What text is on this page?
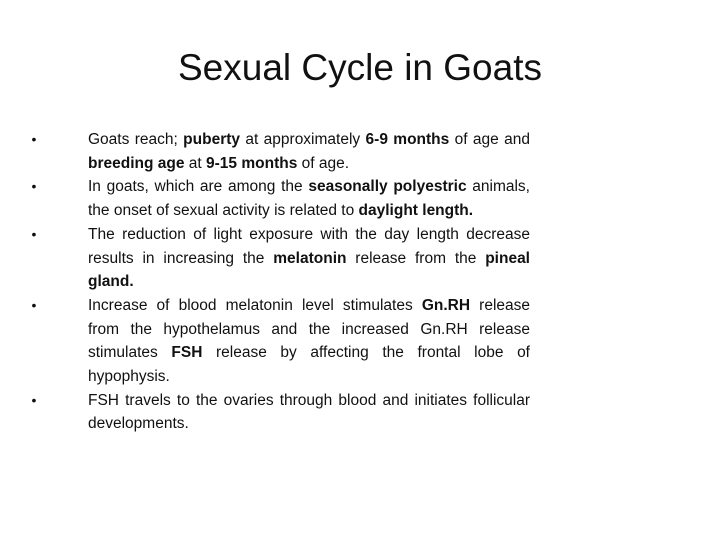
Sexual Cycle in Goats
•	Goats reach; puberty at approximately 6-9 months of age and breeding age at 9-15 months of age.
•	In goats, which are among the seasonally polyestric animals, the onset of sexual activity is related to daylight length.
•	The reduction of light exposure with the day length decrease results in increasing the melatonin release from the pineal gland.
•	Increase of blood melatonin level stimulates Gn.RH release from the hypothelamus and the increased Gn.RH release stimulates FSH release by affecting the frontal lobe of hypophysis.
•	FSH travels to the ovaries through blood and initiates follicular developments.
